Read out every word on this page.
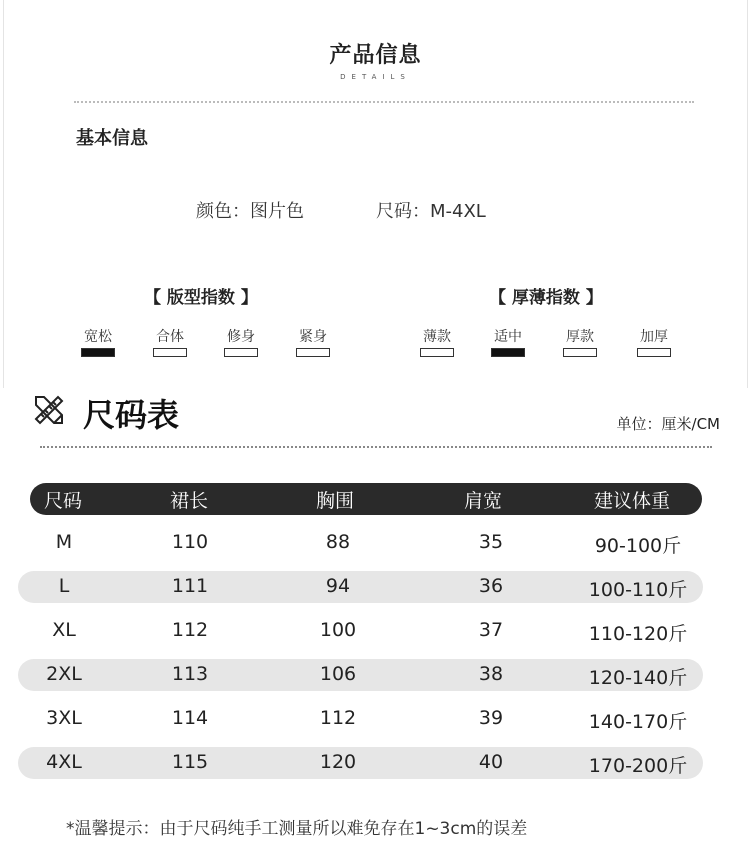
产品信息
DETAILS
基本信息
颜色：图片色	尺码：M-4XL
【 版型指数 】	【 厚薄指数 】
宽松	合体	修身	紧身	薄款	适中	厚款	加厚
尺码表	单位：厘米/CM
尺码	裙长	胸围	肩宽	建议体重
M	110	88	35	90-100斤
L	111	94	36	100-110斤
XL	112	100	37	110-120斤
2XL	113	106	38	120-140斤
3XL	114	112	39	140-170斤
4XL	115	120	40	170-200斤
*温馨提示：由于尺码纯手工测量所以难免存在1~3cm的误差
